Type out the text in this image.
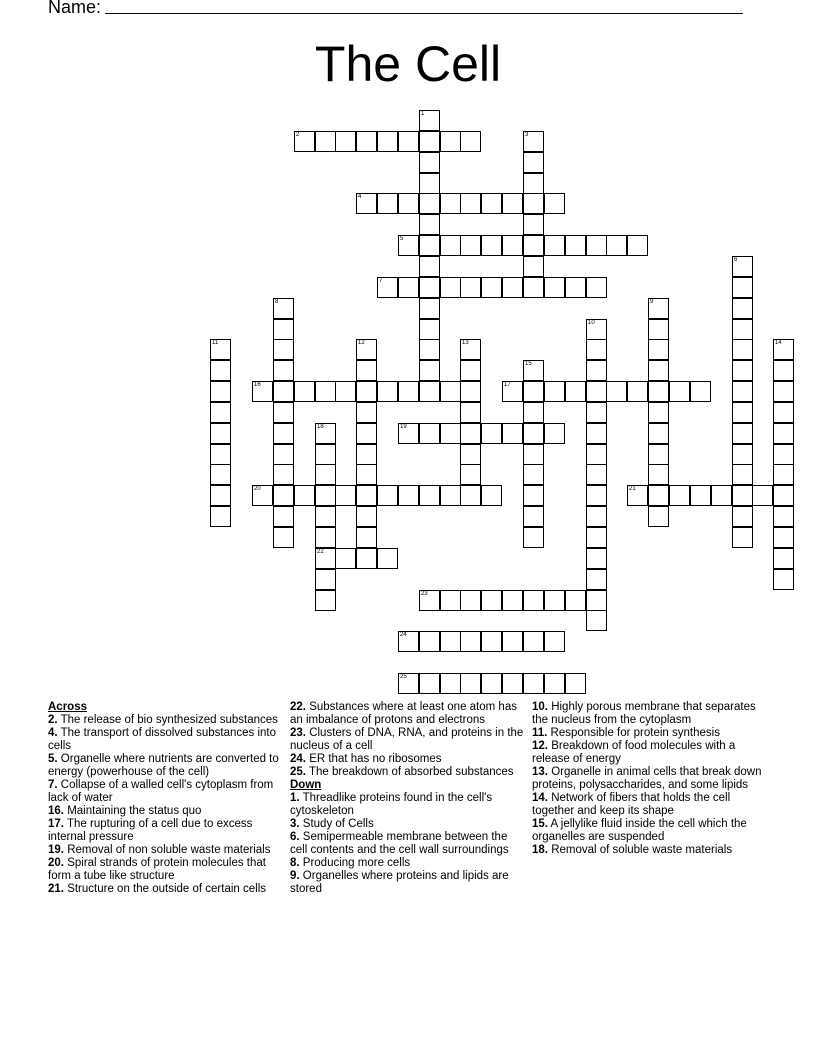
Name:
The Cell
1
2	3
4
5
6
7
8	9
10
11	12	13	14
15
16	17
18	19
20	21
22
23
24
25
Across

2. The release of bio synthesized substances

4. The transport of dissolved substances into cells

5. Organelle where nutrients are converted to energy (powerhouse of the cell)

7. Collapse of a walled cell's cytoplasm from lack of water

16. Maintaining the status quo

17. The rupturing of a cell due to excess internal pressure

19. Removal of non soluble waste materials

20. Spiral strands of protein molecules that form a tube like structure

21. Structure on the outside of certain cells

22. Substances where at least one atom has an imbalance of protons and electrons

23. Clusters of DNA, RNA, and proteins in the nucleus of a cell

24. ER that has no ribosomes

25. The breakdown of absorbed substances

Down

1. Threadlike proteins found in the cell's cytoskeleton

3. Study of Cells

6. Semipermeable membrane between the cell contents and the cell wall surroundings

8. Producing more cells

9. Organelles where proteins and lipids are stored

10. Highly porous membrane that separates the nucleus from the cytoplasm

11. Responsible for protein synthesis

12. Breakdown of food molecules with a release of energy

13. Organelle in animal cells that break down proteins, polysaccharides, and some lipids

14. Network of fibers that holds the cell together and keep its shape

15. A jellylike fluid inside the cell which the organelles are suspended

18. Removal of soluble waste materials
